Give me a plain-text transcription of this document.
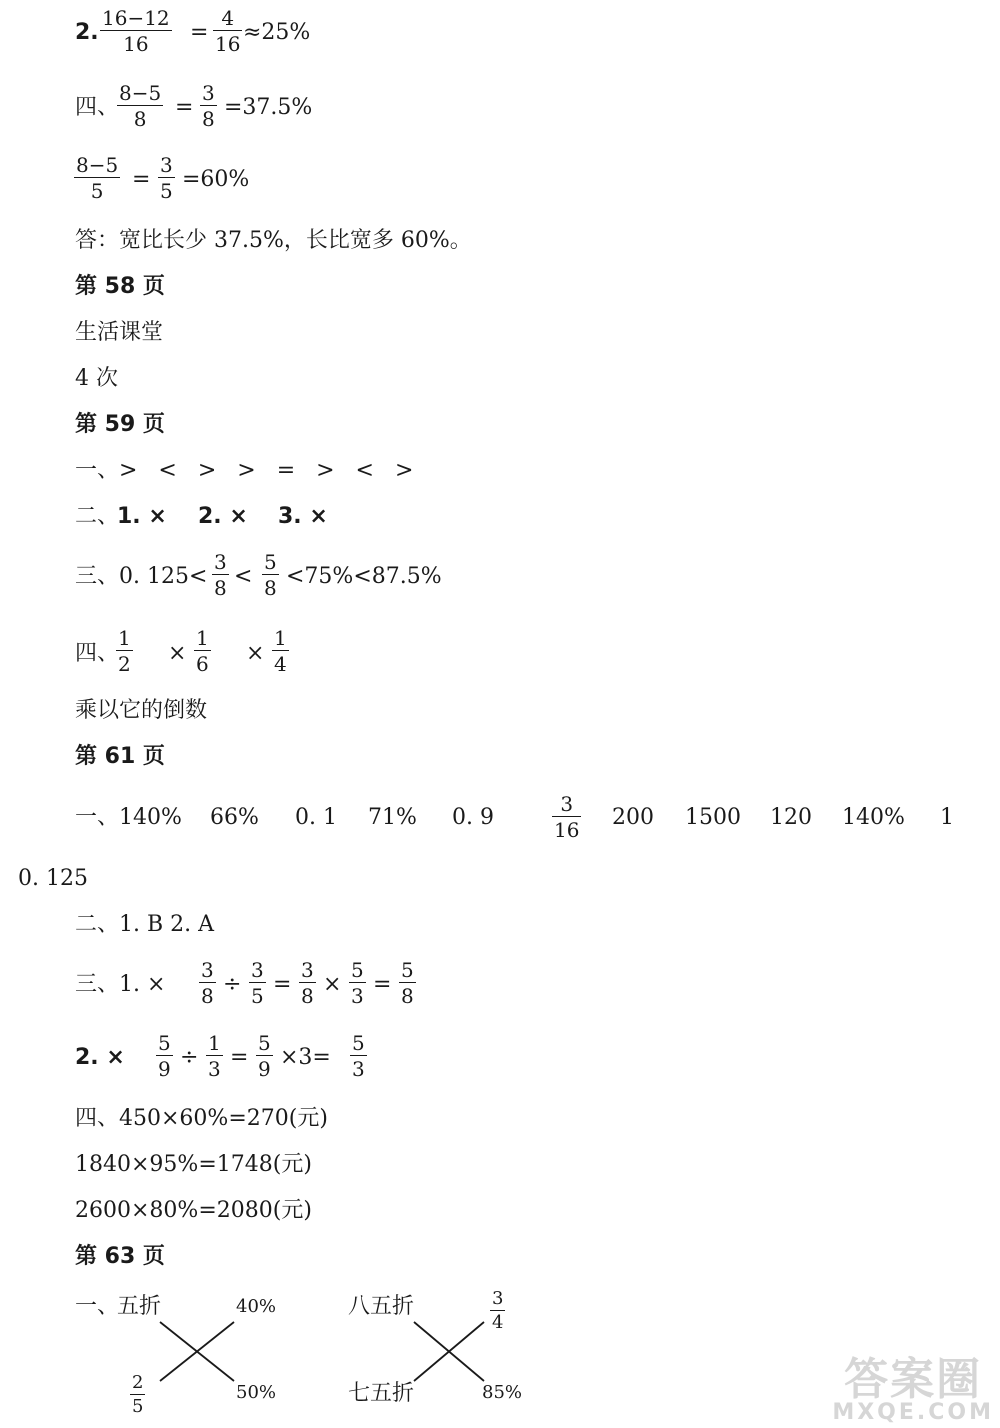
2.
16−12
16 =
4
16 ≈25%
四、
8−5
8 =
3
8 =37.5%
8−5
5 =
3
5 =60%
答：宽比长少 37.5%，长比宽多 60%。
第 58 页
生活课堂
4 次
第 59 页
一、> < > > = > < >
二、
1. × 2. × 3. ×
三、0. 125<
3
8 <
5
8 <75%<87.5%
四、
1
2 ×
1
6 ×
1
4
乘以它的倒数
第 61 页
一、140% 66% 0. 1 71% 0. 9
3
16 200 1500 120 140% 1
0. 125
二、1. B 2. A
三、1. ×
3
8 ÷
3
5 =
3
8 ×
5
3 =
5
8
2. ×
5
9 ÷
1
3 =
5
9 ×3=
5
3
四、450×60%=270(元)
1840×95%=1748(元)
2600×80%=2080(元)
第 63 页
一、
五折	40%
2
5
50%
八五折	3
4
七五折	85%	答案圈
MXQE.COM
